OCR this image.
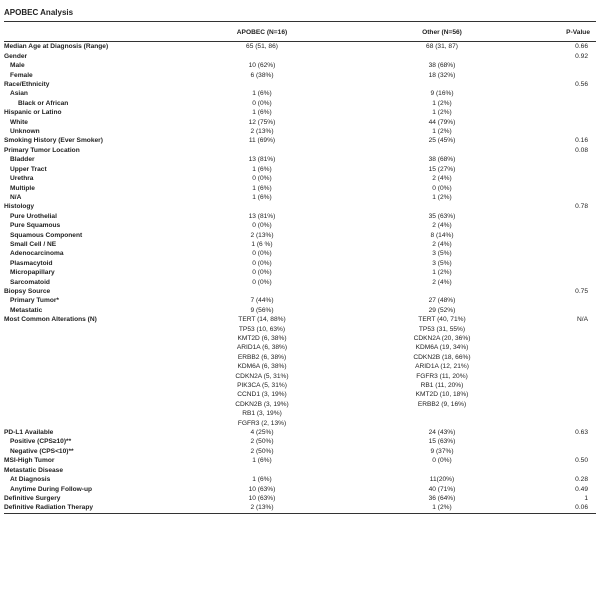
APOBEC Analysis
	APOBEC (N=16)	Other (N=56)	P-Value
Median Age at Diagnosis (Range)	65 (51, 86)	68 (31, 87)	0.66
Gender			0.92
Male	10 (62%)	38 (68%)	
Female	6 (38%)	18 (32%)	
Race/Ethnicity			0.56
Asian	1 (6%)	9 (16%)	
Black or African	0 (0%)	1 (2%)	
Hispanic or Latino	1 (6%)	1 (2%)	
White	12 (75%)	44 (79%)	
Unknown	2 (13%)	1 (2%)	
Smoking History (Ever Smoker)	11 (69%)	25 (45%)	0.16
Primary Tumor Location			0.08
Bladder	13 (81%)	38 (68%)	
Upper Tract	1 (6%)	15 (27%)	
Urethra	0 (0%)	2 (4%)	
Multiple	1 (6%)	0 (0%)	
N/A	1 (6%)	1 (2%)	
Histology			0.78
Pure Urothelial	13 (81%)	35 (63%)	
Pure Squamous	0 (0%)	2 (4%)	
Squamous Component	2 (13%)	8 (14%)	
Small Cell / NE	1 (6 %)	2 (4%)	
Adenocarcinoma	0 (0%)	3 (5%)	
Plasmacytoid	0 (0%)	3 (5%)	
Micropapillary	0 (0%)	1 (2%)	
Sarcomatoid	0 (0%)	2 (4%)	
Biopsy Source			0.75
Primary Tumor*	7 (44%)	27 (48%)	
Metastatic	9 (56%)	29 (52%)	
Most Common Alterations (N)	TERT (14, 88%)	TERT (40, 71%)	N/A
	TP53 (10, 63%)	TP53 (31, 55%)	
	KMT2D (6, 38%)	CDKN2A (20, 36%)	
	ARID1A (6, 38%)	KDM6A (19, 34%)	
	ERBB2 (6, 38%)	CDKN2B (18, 66%)	
	KDM6A (6, 38%)	ARID1A (12, 21%)	
	CDKN2A (5, 31%)	FGFR3 (11, 20%)	
	PIK3CA (5, 31%)	RB1 (11, 20%)	
	CCND1 (3, 19%)	KMT2D (10, 18%)	
	CDKN2B (3, 19%)	ERBB2 (9, 16%)	
	RB1 (3, 19%)		
	FGFR3 (2, 13%)		
PD-L1 Available	4 (25%)	24 (43%)	0.63
Positive (CPS≥10)**	2 (50%)	15 (63%)	
Negative (CPS<10)**	2 (50%)	9 (37%)	
MSI-High Tumor	1 (6%)	0 (0%)	0.50
Metastatic Disease			
At Diagnosis	1 (6%)	11(20%)	0.28
Anytime During Follow-up	10 (63%)	40 (71%)	0.49
Definitive Surgery	10 (63%)	36 (64%)	1
Definitive Radiation Therapy	2 (13%)	1 (2%)	0.06
